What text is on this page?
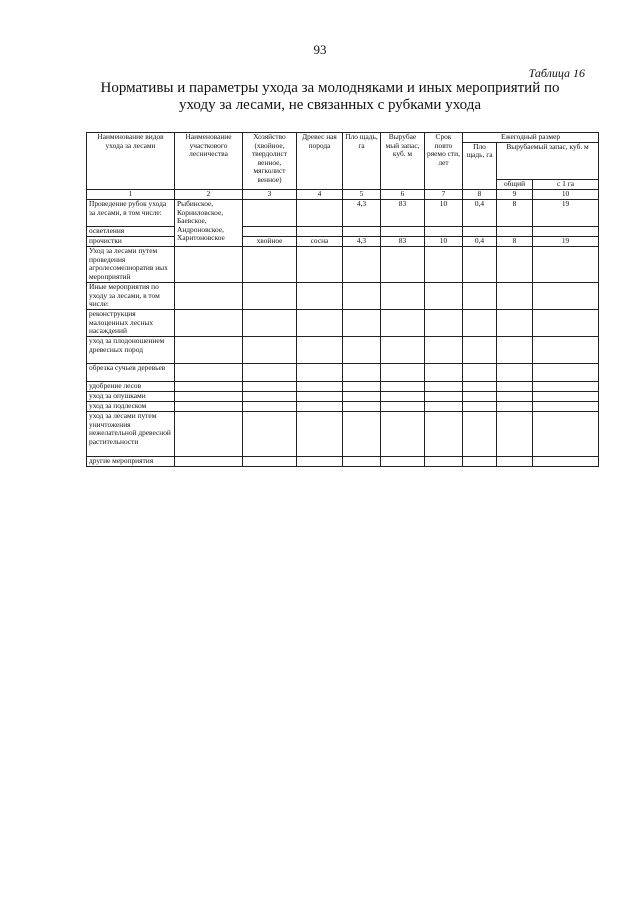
93
Таблица 16
Нормативы и параметры ухода за молодняками и иных мероприятий по
уходу за лесами, не связанных с рубками ухода
Наименование видов ухода за лесами	Наименование участкового лесничества	Хозяйство (хвойное, твердолист венное, мягколист венное)	Древес ная порода	Пло щадь, га	Вырубае мый запас, куб. м	Срок повто ряемо сти, лет	Ежегодный размер		
							Пло щадь, га	Вырубаемый запас, куб. м	
								общий	с 1 га
1	2	3	4	5	6	7	8	9	10
Проведение рубок ухода за лесами, в том числе:	Рыбинское, Корниловское, Баевское, Андроновское, Харитоновское			4,3	83	10	0,4	8	19
осветления									
прочистки		хвойное	сосна	4,3	83	10	0,4	8	19
Уход за лесами путем проведения агролесомелиоратив ных мероприятий									
Иные мероприятия по уходу за лесами, в том числе:									
реконструкция малоценных лесных насаждений									
уход за плодоношением древесных пород									
обрезка сучьев деревьев									
удобрение лесов									
уход за опушками									
уход за подлеском									
уход за лесами путем уничтожения нежелательной древесной растительности									
другие мероприятия									
